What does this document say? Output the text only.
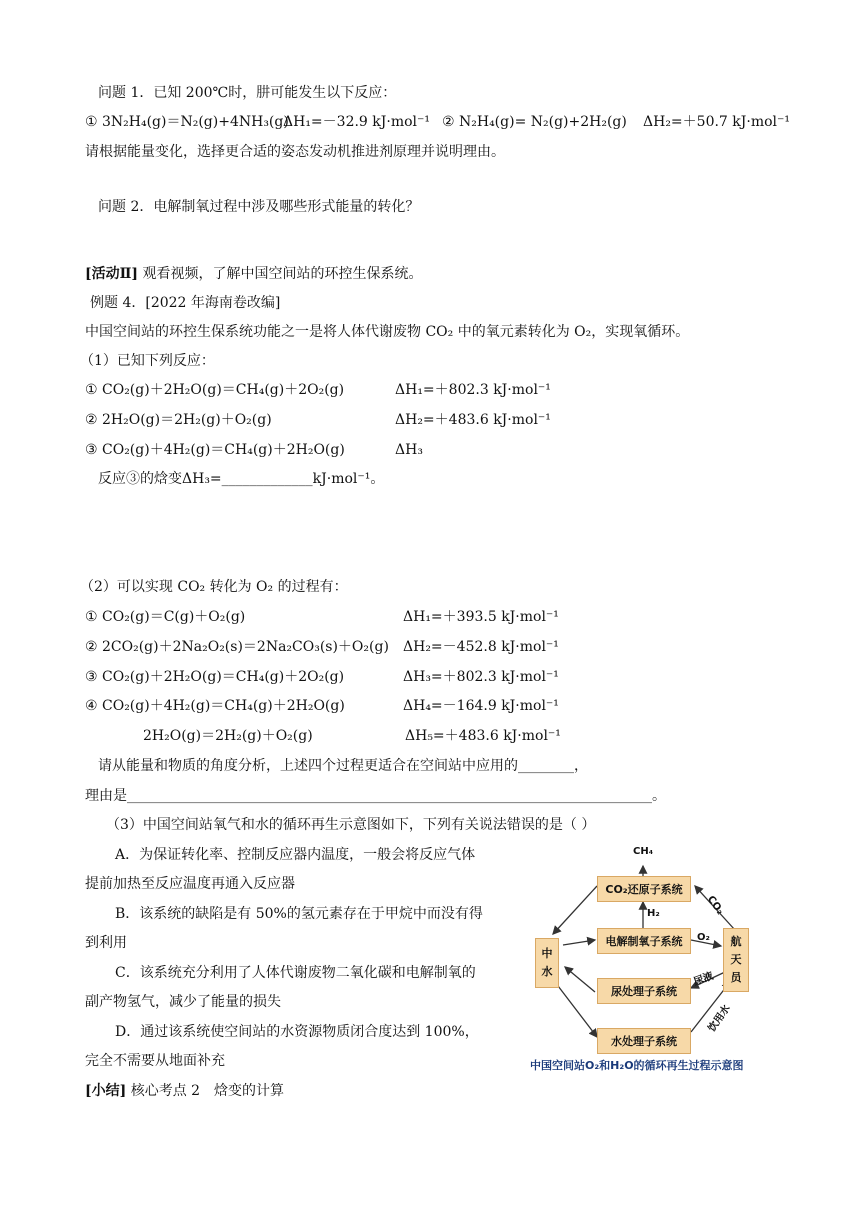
问题 1．已知 200℃时，肼可能发生以下反应：
① 3N₂H₄(g)＝N₂(g)+4NH₃(g)
ΔH₁=－32.9 kJ·mol⁻¹ ② N₂H₄(g)= N₂(g)+2H₂(g) ΔH₂=＋50.7 kJ·mol⁻¹
请根据能量变化，选择更合适的姿态发动机推进剂原理并说明理由。
问题 2．电解制氧过程中涉及哪些形式能量的转化？
[活动Ⅱ] 观看视频，了解中国空间站的环控生保系统。
例题 4．[2022 年海南卷改编]
中国空间站的环控生保系统功能之一是将人体代谢废物 CO₂ 中的氧元素转化为 O₂，实现氧循环。
（1）已知下列反应：
① CO₂(g)＋2H₂O(g)＝CH₄(g)＋2O₂(g)	ΔH₁=＋802.3 kJ·mol⁻¹
② 2H₂O(g)＝2H₂(g)＋O₂(g)	ΔH₂=＋483.6 kJ·mol⁻¹
③ CO₂(g)＋4H₂(g)＝CH₄(g)＋2H₂O(g)	ΔH₃
反应③的焓变ΔH₃=_____________kJ·mol⁻¹。
（2）可以实现 CO₂ 转化为 O₂ 的过程有：
① CO₂(g)＝C(g)＋O₂(g)	ΔH₁=＋393.5 kJ·mol⁻¹
② 2CO₂(g)＋2Na₂O₂(s)＝2Na₂CO₃(s)＋O₂(g) ΔH₂=－452.8 kJ·mol⁻¹
③ CO₂(g)＋2H₂O(g)＝CH₄(g)＋2O₂(g)	ΔH₃=＋802.3 kJ·mol⁻¹
④ CO₂(g)＋4H₂(g)＝CH₄(g)＋2H₂O(g)	ΔH₄=－164.9 kJ·mol⁻¹
2H₂O(g)＝2H₂(g)＋O₂(g)	ΔH₅=＋483.6 kJ·mol⁻¹
请从能量和物质的角度分析，上述四个过程更适合在空间站中应用的________，
理由是___________________________________________________________________________。
（3）中国空间站氧气和水的循环再生示意图如下，下列有关说法错误的是（ ）
A．为保证转化率、控制反应器内温度，一般会将反应气体
提前加热至反应温度再通入反应器
B．该系统的缺陷是有 50%的氢元素存在于甲烷中而没有得
到利用
C．该系统充分利用了人体代谢废物二氧化碳和电解制氧的
副产物氢气，减少了能量的损失
D．通过该系统使空间站的水资源物质闭合度达到 100%，
完全不需要从地面补充
[小结] 核心考点 2　焓变的计算
CH₄
CO₂还原子系统
H₂
电解制氧子系统
尿处理子系统
水处理子系统
中
水
航
天
员
O₂
CO₂
尿液
饮用水
中国空间站O₂和H₂O的循环再生过程示意图
